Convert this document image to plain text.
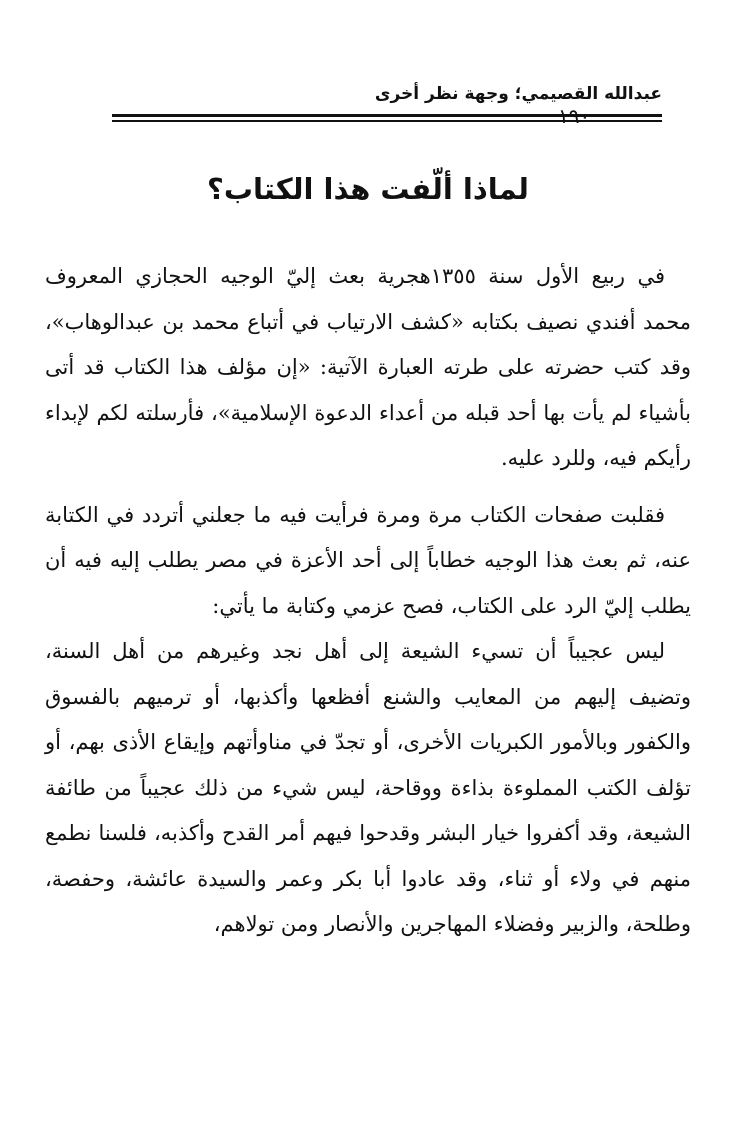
عبدالله القصيمي؛ وجهة نظر أخرى
١٩٠
لماذا ألّفت هذا الكتاب؟

في ربيع الأول سنة ١٣٥٥هجرية بعث إليّ الوجيه الحجازي المعروف محمد أفندي نصيف بكتابه «كشف الارتياب في أتباع محمد بن عبدالوهاب»، وقد كتب حضرته على طرته العبارة الآتية: «إن مؤلف هذا الكتاب قد أتى بأشياء لم يأت بها أحد قبله من أعداء الدعوة الإسلامية»، فأرسلته لكم لإبداء رأيكم فيه، وللرد عليه.

فقلبت صفحات الكتاب مرة ومرة فرأيت فيه ما جعلني أتردد في الكتابة عنه، ثم بعث هذا الوجيه خطاباً إلى أحد الأعزة في مصر يطلب إليه فيه أن يطلب إليّ الرد على الكتاب، فصح عزمي وكتابة ما يأتي:

ليس عجيباً أن تسيء الشيعة إلى أهل نجد وغيرهم من أهل السنة، وتضيف إليهم من المعايب والشنع أفظعها وأكذبها، أو ترميهم بالفسوق والكفور وبالأمور الكبريات الأخرى، أو تجدّ في مناوأتهم وإيقاع الأذى بهم، أو تؤلف الكتب المملوءة بذاءة ووقاحة، ليس شيء من ذلك عجيباً من طائفة الشيعة، وقد أكفروا خيار البشر وقدحوا فيهم أمر القدح وأكذبه، فلسنا نطمع منهم في ولاء أو ثناء، وقد عادوا أبا بكر وعمر والسيدة عائشة، وحفصة، وطلحة، والزبير وفضلاء المهاجرين والأنصار ومن تولاهم،
